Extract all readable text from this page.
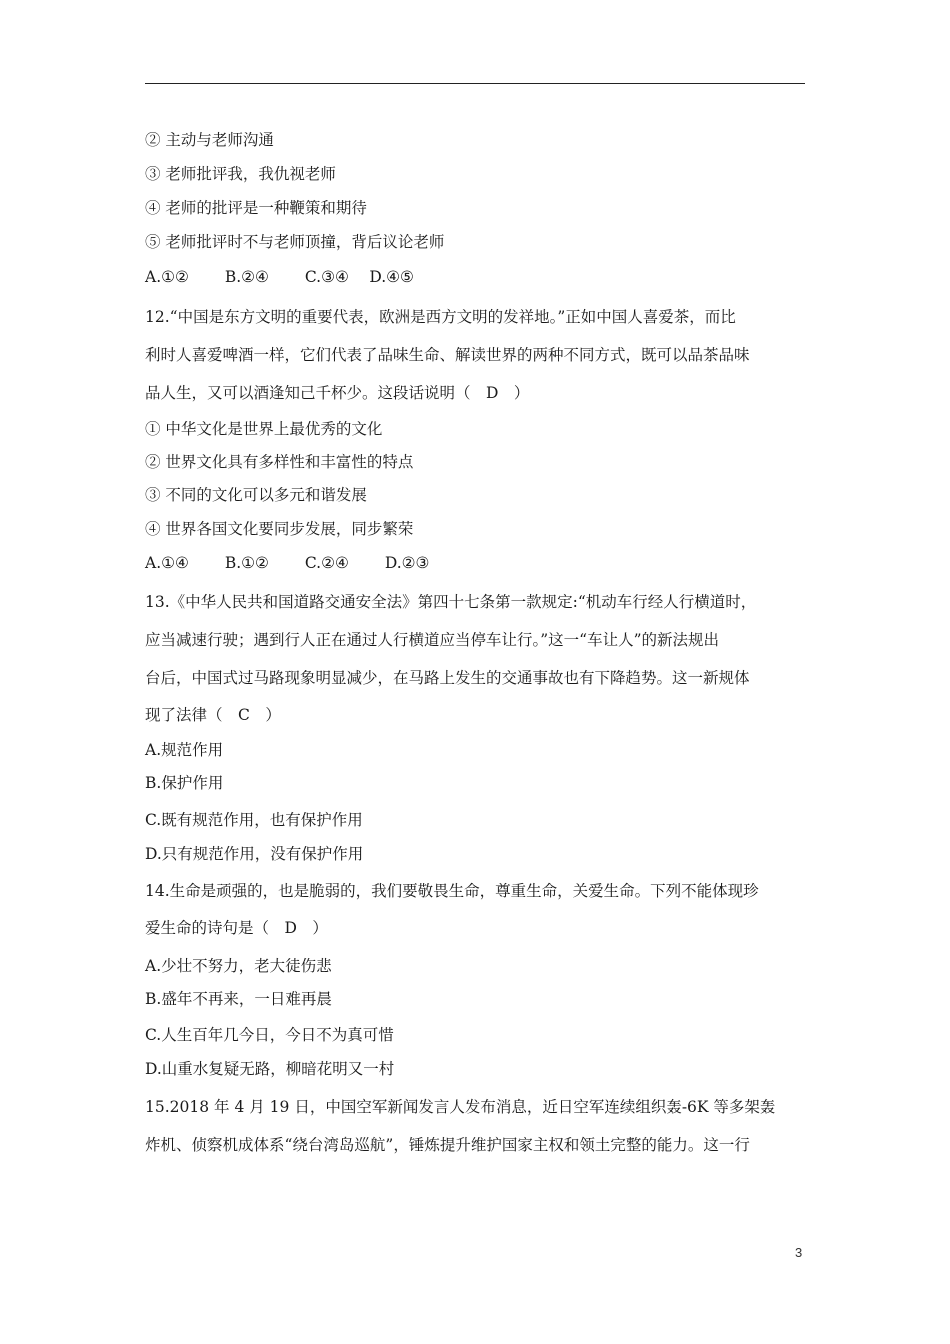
② 主动与老师沟通
③ 老师批评我，我仇视老师
④ 老师的批评是一种鞭策和期待
⑤ 老师批评时不与老师顶撞，背后议论老师
A.①②　　 B.②④　 　C.③④ 　D.④⑤
12.“中国是东方文明的重要代表，欧洲是西方文明的发祥地。”正如中国人喜爱茶，而比
利时人喜爱啤酒一样，它们代表了品味生命、解读世界的两种不同方式，既可以品茶品味
品人生，又可以酒逢知己千杯少。这段话说明（　D　）
① 中华文化是世界上最优秀的文化
② 世界文化具有多样性和丰富性的特点
③ 不同的文化可以多元和谐发展
④ 世界各国文化要同步发展，同步繁荣
A.①④　　 B.①②　　 C.②④　　 D.②③
13.《中华人民共和国道路交通安全法》第四十七条第一款规定:“机动车行经人行横道时，
应当减速行驶；遇到行人正在通过人行横道应当停车让行。”这一“车让人”的新法规出
台后，中国式过马路现象明显减少，在马路上发生的交通事故也有下降趋势。这一新规体
现了法律（　C　）
A.规范作用
B.保护作用
C.既有规范作用，也有保护作用
D.只有规范作用，没有保护作用
14.生命是顽强的，也是脆弱的，我们要敬畏生命，尊重生命，关爱生命。下列不能体现珍
爱生命的诗句是（　D　）
A.少壮不努力，老大徒伤悲
B.盛年不再来，一日难再晨
C.人生百年几今日，今日不为真可惜
D.山重水复疑无路，柳暗花明又一村
15.2018 年 4 月 19 日，中国空军新闻发言人发布消息，近日空军连续组织轰-6K 等多架轰
炸机、侦察机成体系“绕台湾岛巡航”，锤炼提升维护国家主权和领土完整的能力。这一行
3
